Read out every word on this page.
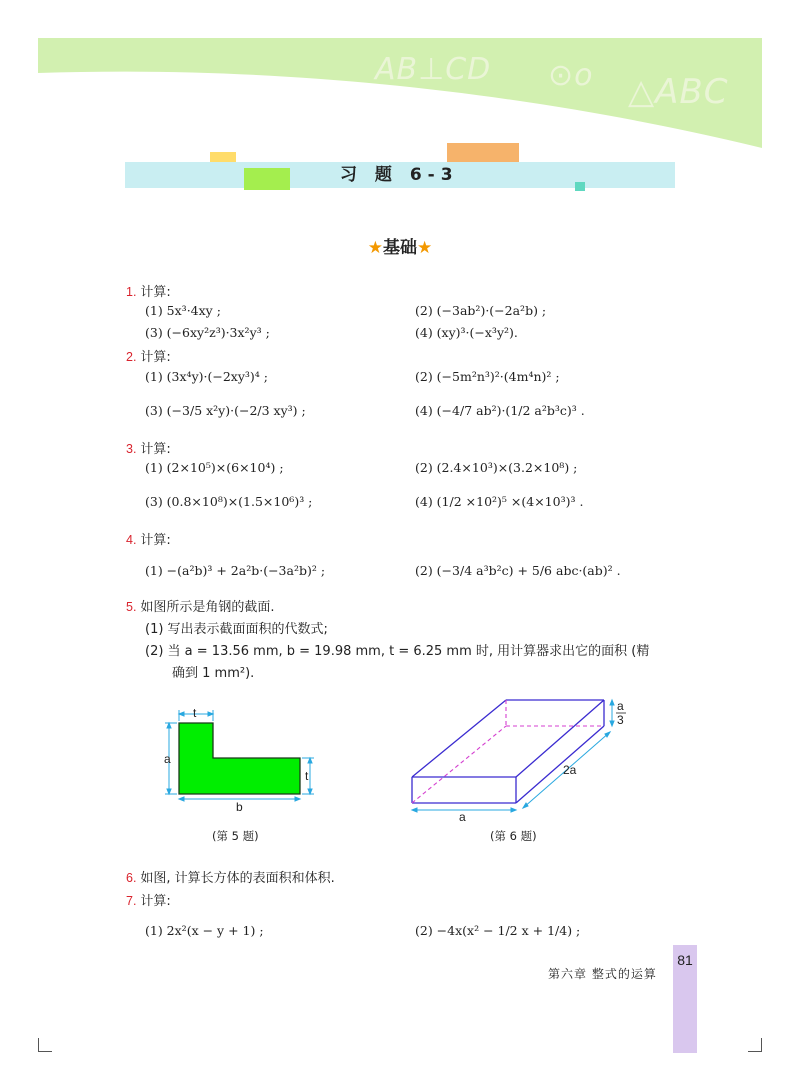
AB⊥CD ⊙o △ABC
习 题 6-3
★基础★
1. 计算:
(1) 5x³·4xy ;	(2) (−3ab²)·(−2a²b) ;
(3) (−6xy²z³)·3x²y³ ;	(4) (xy)³·(−x³y²).
2. 计算:
(1) (3x⁴y)·(−2xy³)⁴ ;	(2) (−5m²n³)²·(4m⁴n)² ;
(3) (−3/5 x²y)·(−2/3 xy³) ;	(4) (−4/7 ab²)·(1/2 a²b³c)³ .
3. 计算:
(1) (2×10⁵)×(6×10⁴) ;	(2) (2.4×10³)×(3.2×10⁸) ;
(3) (0.8×10⁸)×(1.5×10⁶)³ ;	(4) (1/2 ×10²)⁵ ×(4×10³)³ .
4. 计算:
(1) −(a²b)³ + 2a²b·(−3a²b)² ;	(2) (−3/4 a³b²c) + 5/6 abc·(ab)² .
5. 如图所示是角钢的截面.
(1) 写出表示截面面积的代数式;
(2) 当 a = 13.56 mm, b = 19.98 mm, t = 6.25 mm 时, 用计算器求出它的面积 (精
确到 1 mm²).
t
a
t
b
a
3
2a
a
(第 5 题)	(第 6 题)
6. 如图, 计算长方体的表面积和体积.
7. 计算:
(1) 2x²(x − y + 1) ;	(2) −4x(x² − 1/2 x + 1/4) ;
81
第六章 整式的运算
